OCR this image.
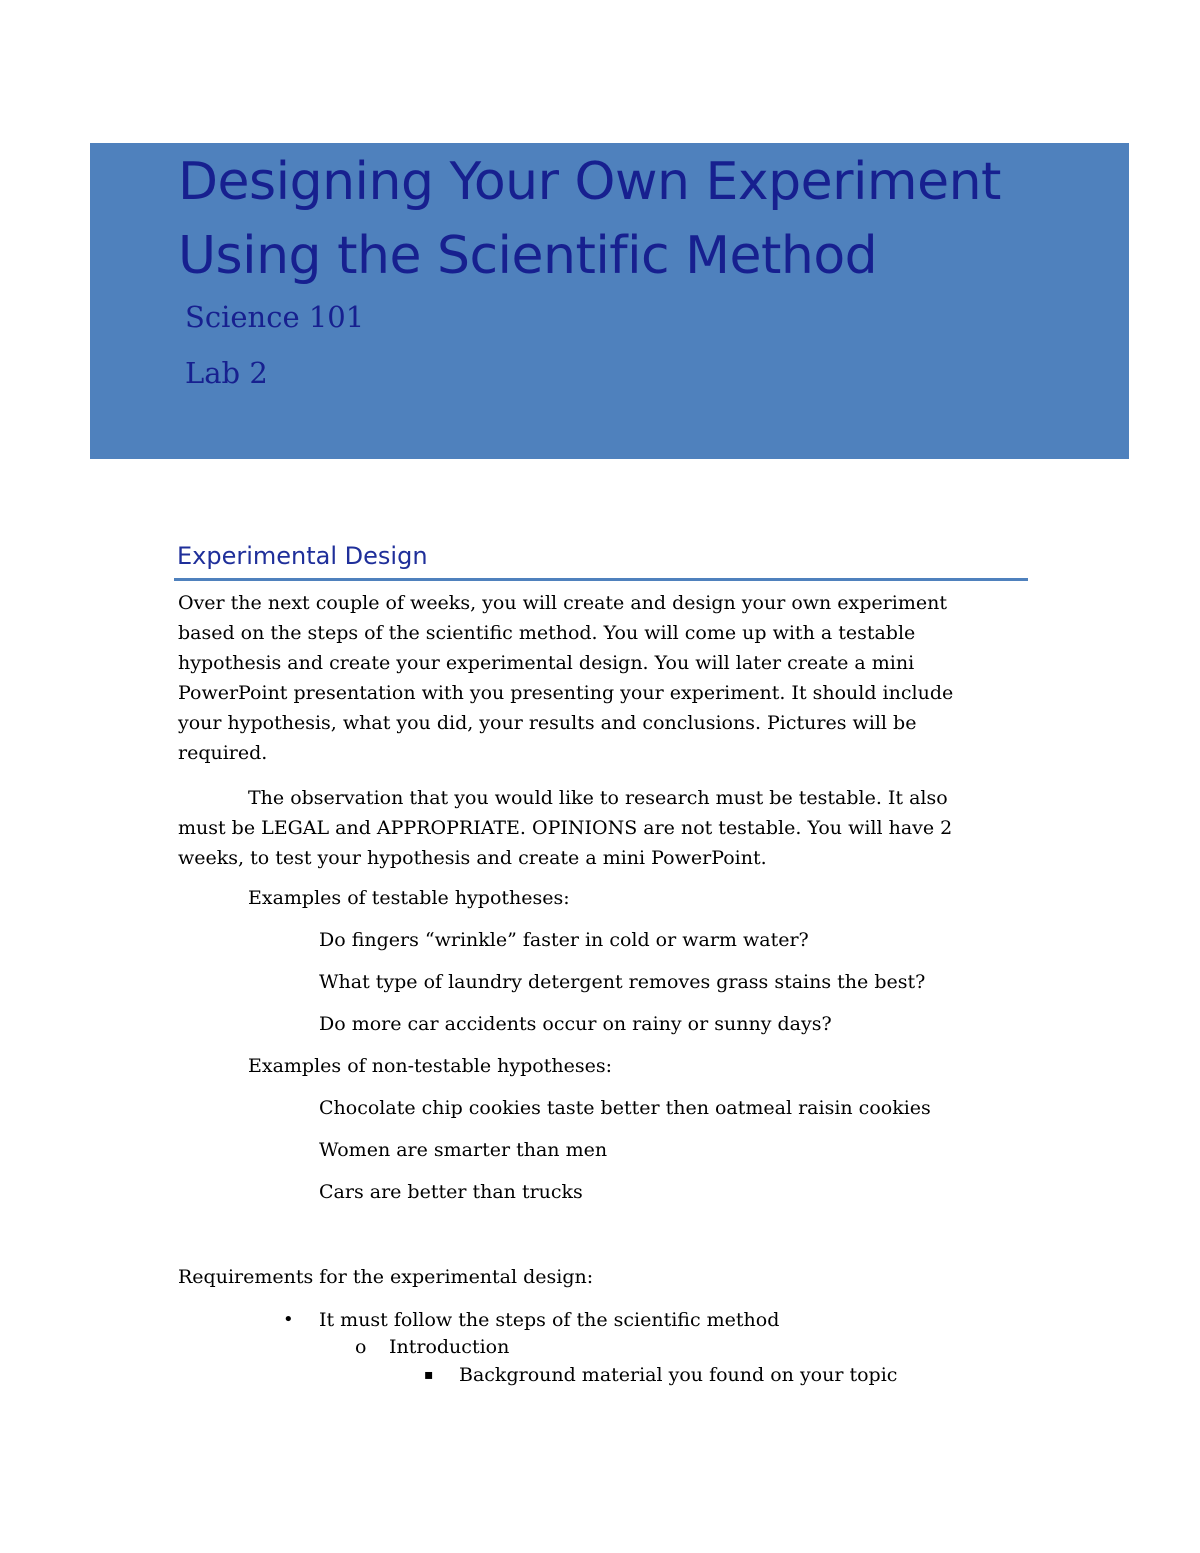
Designing Your Own Experiment
Using the Scientific Method
Science 101
Lab 2
Experimental Design

Over the next couple of weeks, you will create and design your own experiment
based on the steps of the scientific method. You will come up with a testable
hypothesis and create your experimental design. You will later create a mini
PowerPoint presentation with you presenting your experiment. It should include
your hypothesis, what you did, your results and conclusions. Pictures will be
required.

The observation that you would like to research must be testable. It also
must be LEGAL and APPROPRIATE. OPINIONS are not testable. You will have 2
weeks, to test your hypothesis and create a mini PowerPoint.

Examples of testable hypotheses:
Do fingers “wrinkle” faster in cold or warm water?
What type of laundry detergent removes grass stains the best?
Do more car accidents occur on rainy or sunny days?
Examples of non-testable hypotheses:
Chocolate chip cookies taste better then oatmeal raisin cookies
Women are smarter than men
Cars are better than trucks
Requirements for the experimental design:
• It must follow the steps of the scientific method
o Introduction
▪ Background material you found on your topic
